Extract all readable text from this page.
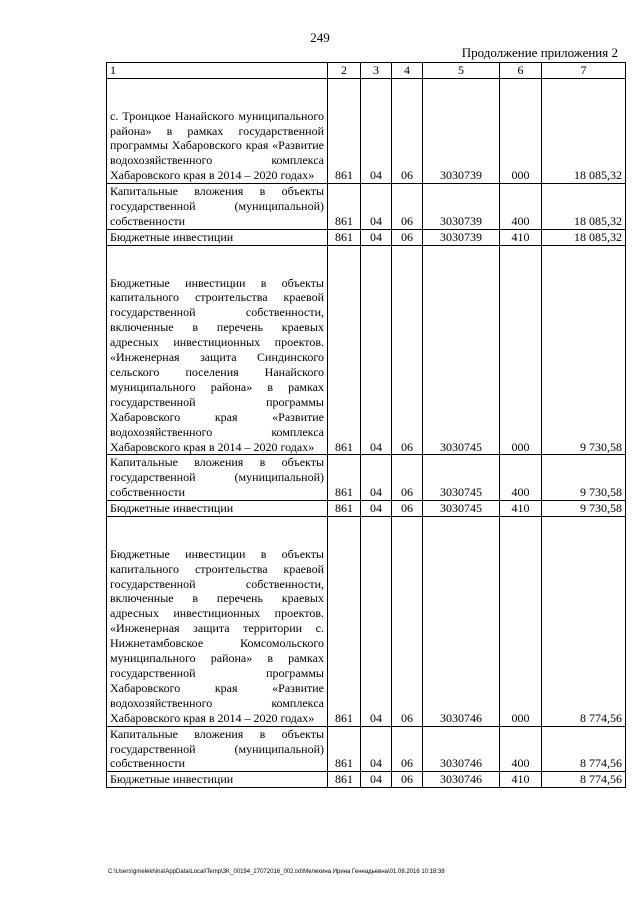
249
Продолжение приложения 2
1	2	3	4	5	6	7
с. Троицкое Нанайского муниципального района» в рамках государственной программы Хабаровского края «Развитие водохозяйственного комплекса Хабаровского края в 2014 – 2020 годах»	861	04	06	3030739	000	18 085,32
Капитальные вложения в объекты государственной (муниципальной) собственности	861	04	06	3030739	400	18 085,32
Бюджетные инвестиции	861	04	06	3030739	410	18 085,32
Бюджетные инвестиции в объекты капитального строительства краевой государственной собственности, включенные в перечень краевых адресных инвестиционных проектов. «Инженерная защита Синдинского сельского поселения Нанайского муниципального района» в рамках государственной программы Хабаровского края «Развитие водохозяйственного комплекса Хабаровского края в 2014 – 2020 годах»	861	04	06	3030745	000	9 730,58
Капитальные вложения в объекты государственной (муниципальной) собственности	861	04	06	3030745	400	9 730,58
Бюджетные инвестиции	861	04	06	3030745	410	9 730,58
Бюджетные инвестиции в объекты капитального строительства краевой государственной собственности, включенные в перечень краевых адресных инвестиционных проектов. «Инженерная защита территории с. Нижнетамбовское Комсомольского муниципального района» в рамках государственной программы Хабаровского края «Развитие водохозяйственного комплекса Хабаровского края в 2014 – 2020 годах»	861	04	06	3030746	000	8 774,56
Капитальные вложения в объекты государственной (муниципальной) собственности	861	04	06	3030746	400	8 774,56
Бюджетные инвестиции	861	04	06	3030746	410	8 774,56
C:\Users\gmelekhina\AppData\Local\Temp\3K_00194_27072016_002.txt\Мелехина Ирина Геннадьевна\01.08.2016 10:18:38
